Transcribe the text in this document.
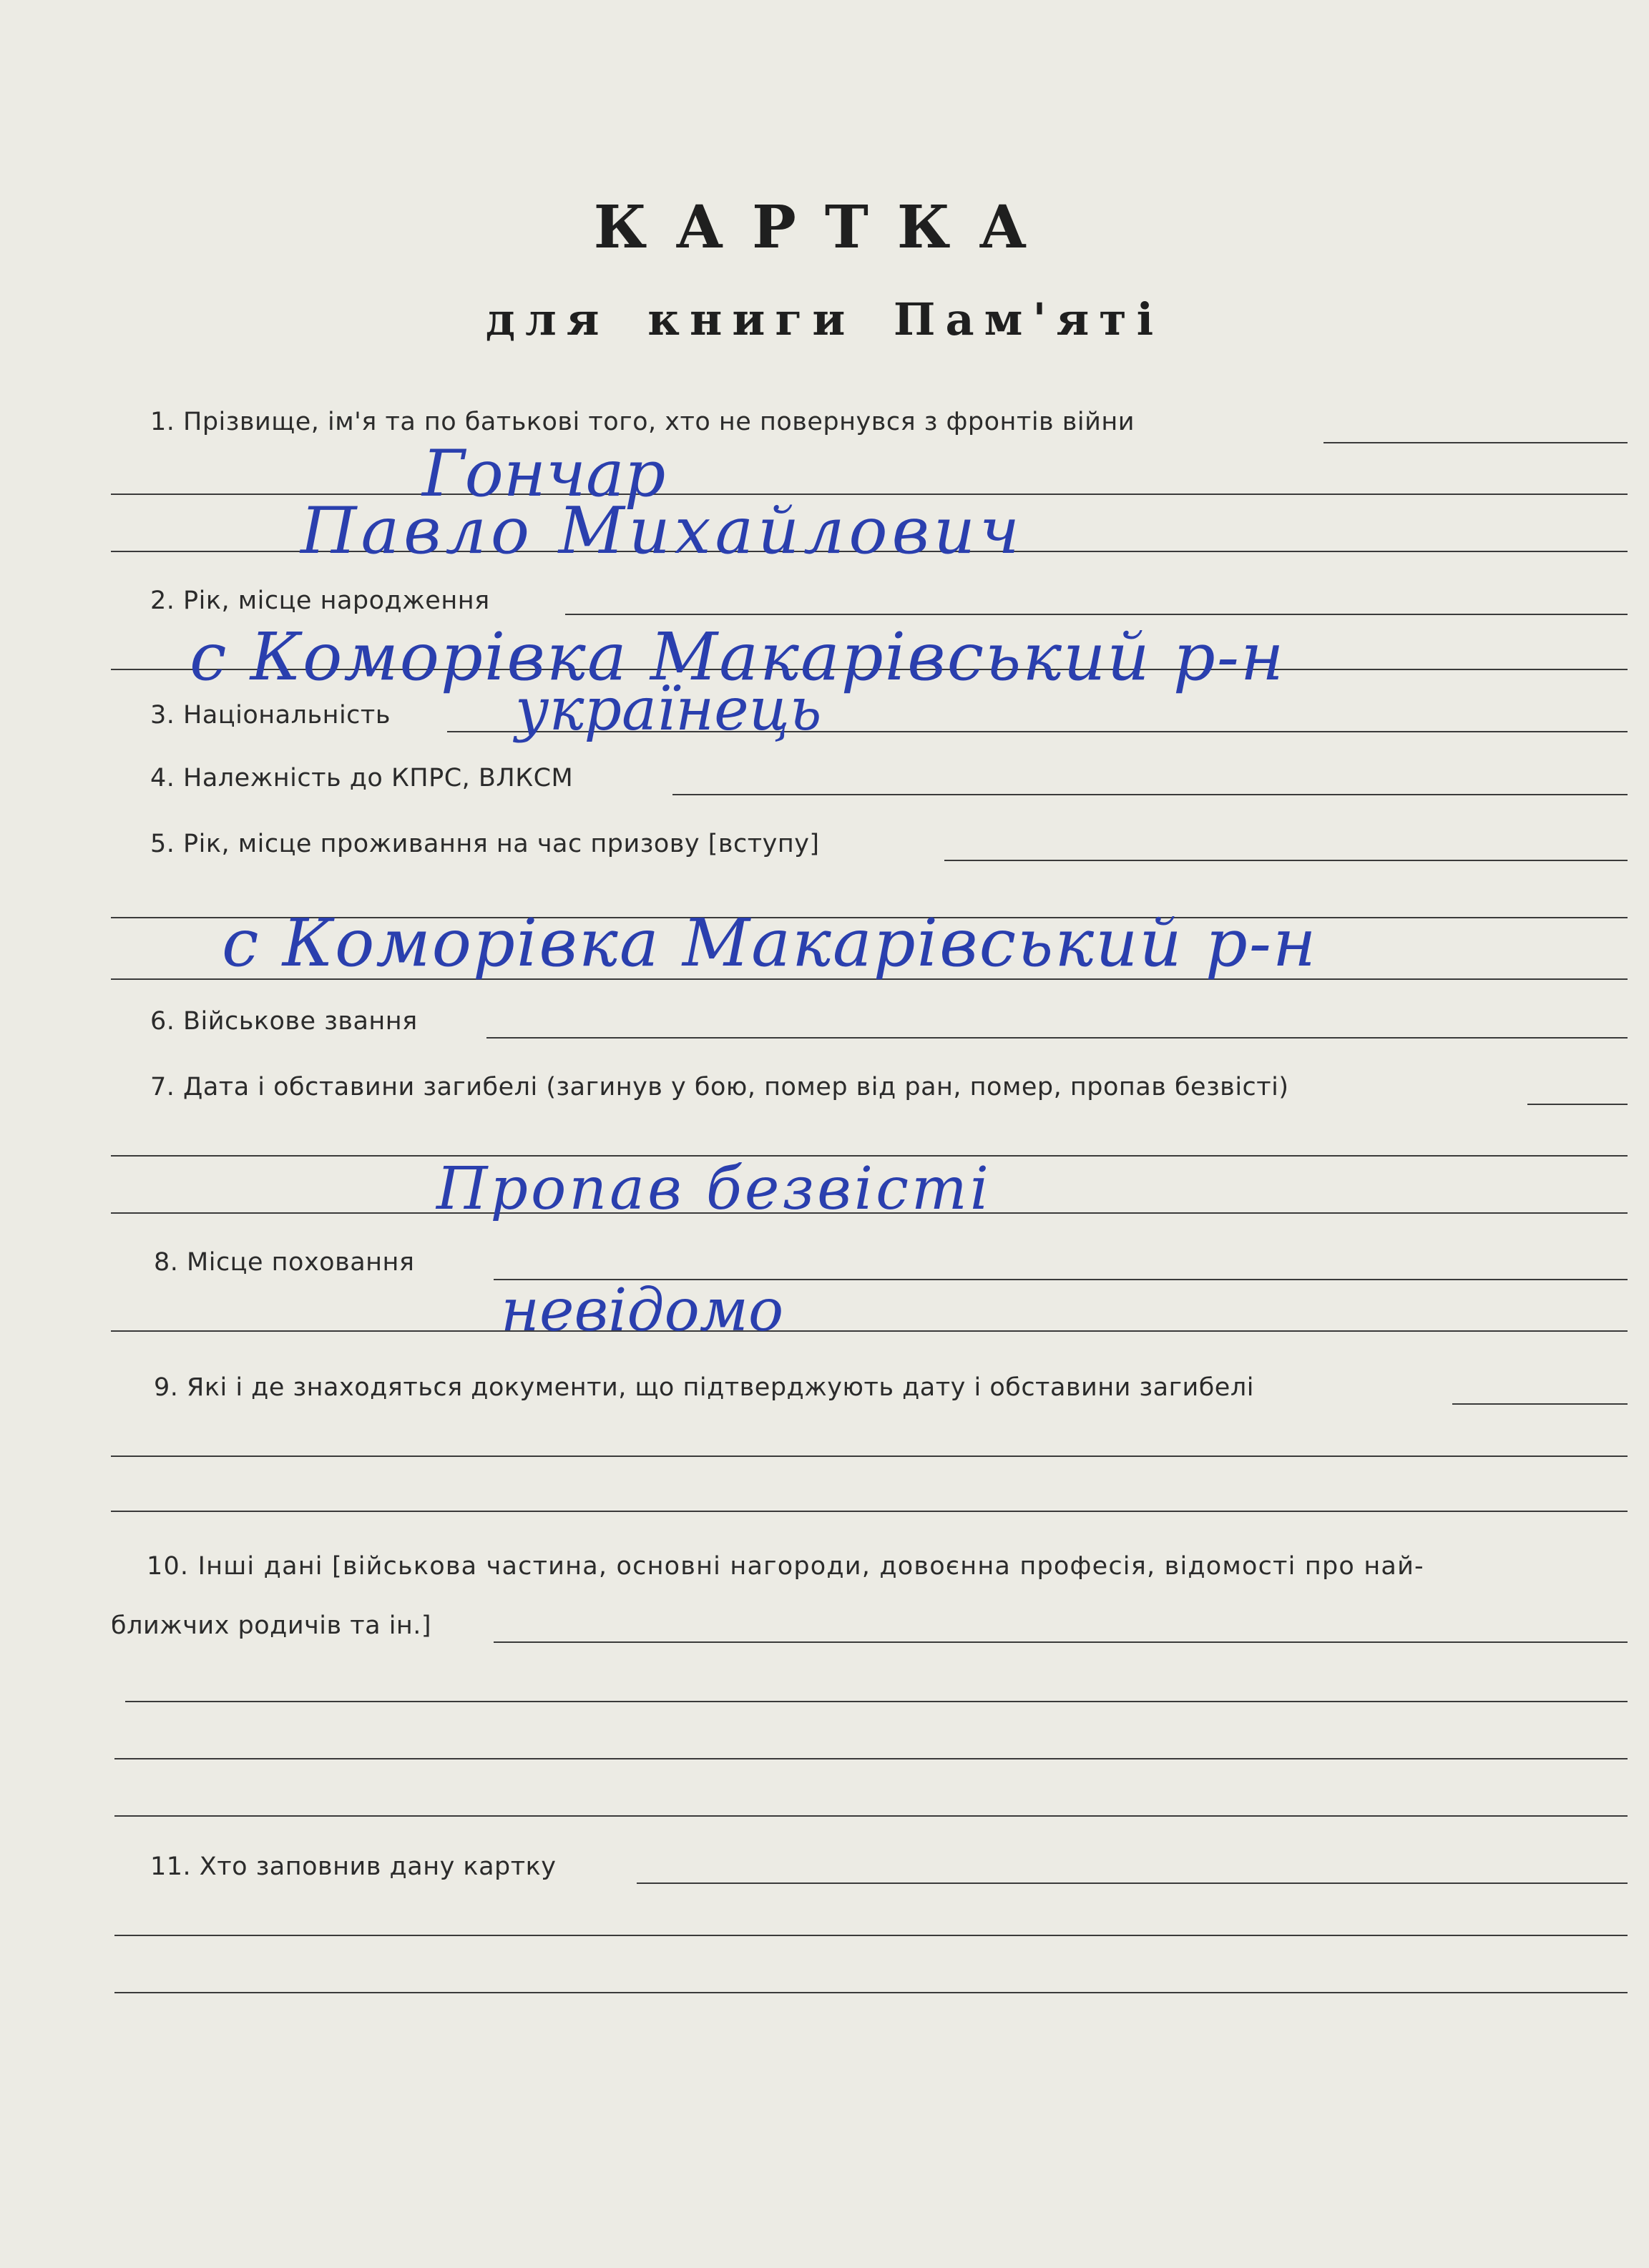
КАРТКА
для книги Пам'яті
1. Прізвище, ім'я та по батькові того, хто не повернувся з фронтів війни
Гончар
Павло Михайлович
2. Рік, місце народження
с Коморівка Макарівський р-н
3. Національність українець
4. Належність до КПРС, ВЛКСМ
5. Рік, місце проживання на час призову [вступу]
с Коморівка Макарівський р-н
6. Військове звання
7. Дата і обставини загибелі (загинув у бою, помер від ран, помер, пропав безвісті)
Пропав безвісті
8. Місце поховання
невідомо
9. Які і де знаходяться документи, що підтверджують дату і обставини загибелі
10. Інші дані [військова частина, основні нагороди, довоєнна професія, відомості про най-
ближчих родичів та ін.]
11. Хто заповнив дану картку
